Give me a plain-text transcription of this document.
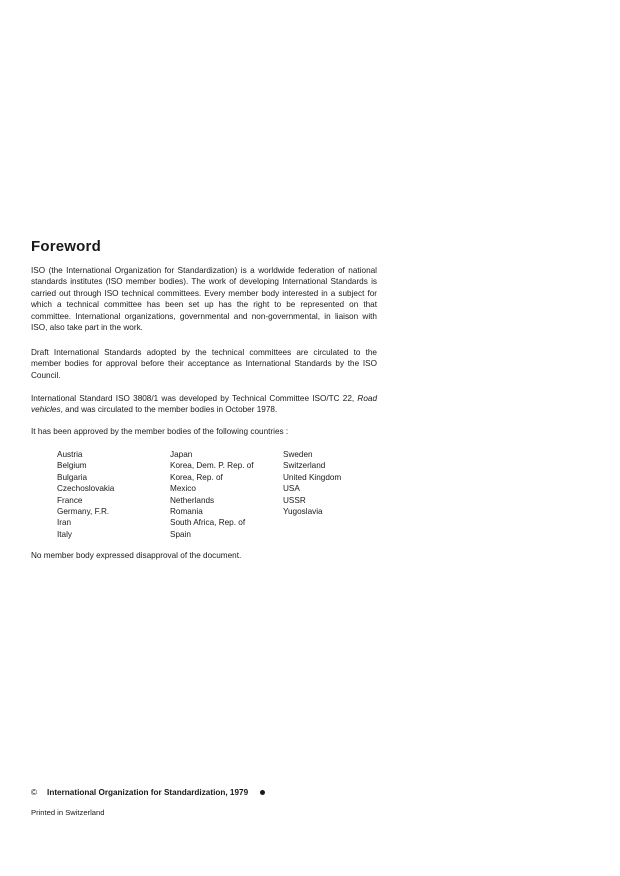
Foreword

ISO (the International Organization for Standardization) is a worldwide federation of national standards institutes (ISO member bodies). The work of developing International Standards is carried out through ISO technical committees. Every member body interested in a subject for which a technical committee has been set up has the right to be represented on that committee. International organizations, governmental and non-governmental, in liaison with ISO, also take part in the work.

Draft International Standards adopted by the technical committees are circulated to the member bodies for approval before their acceptance as International Standards by the ISO Council.

International Standard ISO 3808/1 was developed by Technical Committee ISO/TC 22, Road vehicles, and was circulated to the member bodies in October 1978.

It has been approved by the member bodies of the following countries :

Austria
Belgium
Bulgaria
Czechoslovakia
France
Germany, F.R.
Iran
Italy
Japan
Korea, Dem. P. Rep. of
Korea, Rep. of
Mexico
Netherlands
Romania
South Africa, Rep. of
Spain
Sweden
Switzerland
United Kingdom
USA
USSR
Yugoslavia

No member body expressed disapproval of the document.

© International Organization for Standardization, 1979
Printed in Switzerland
